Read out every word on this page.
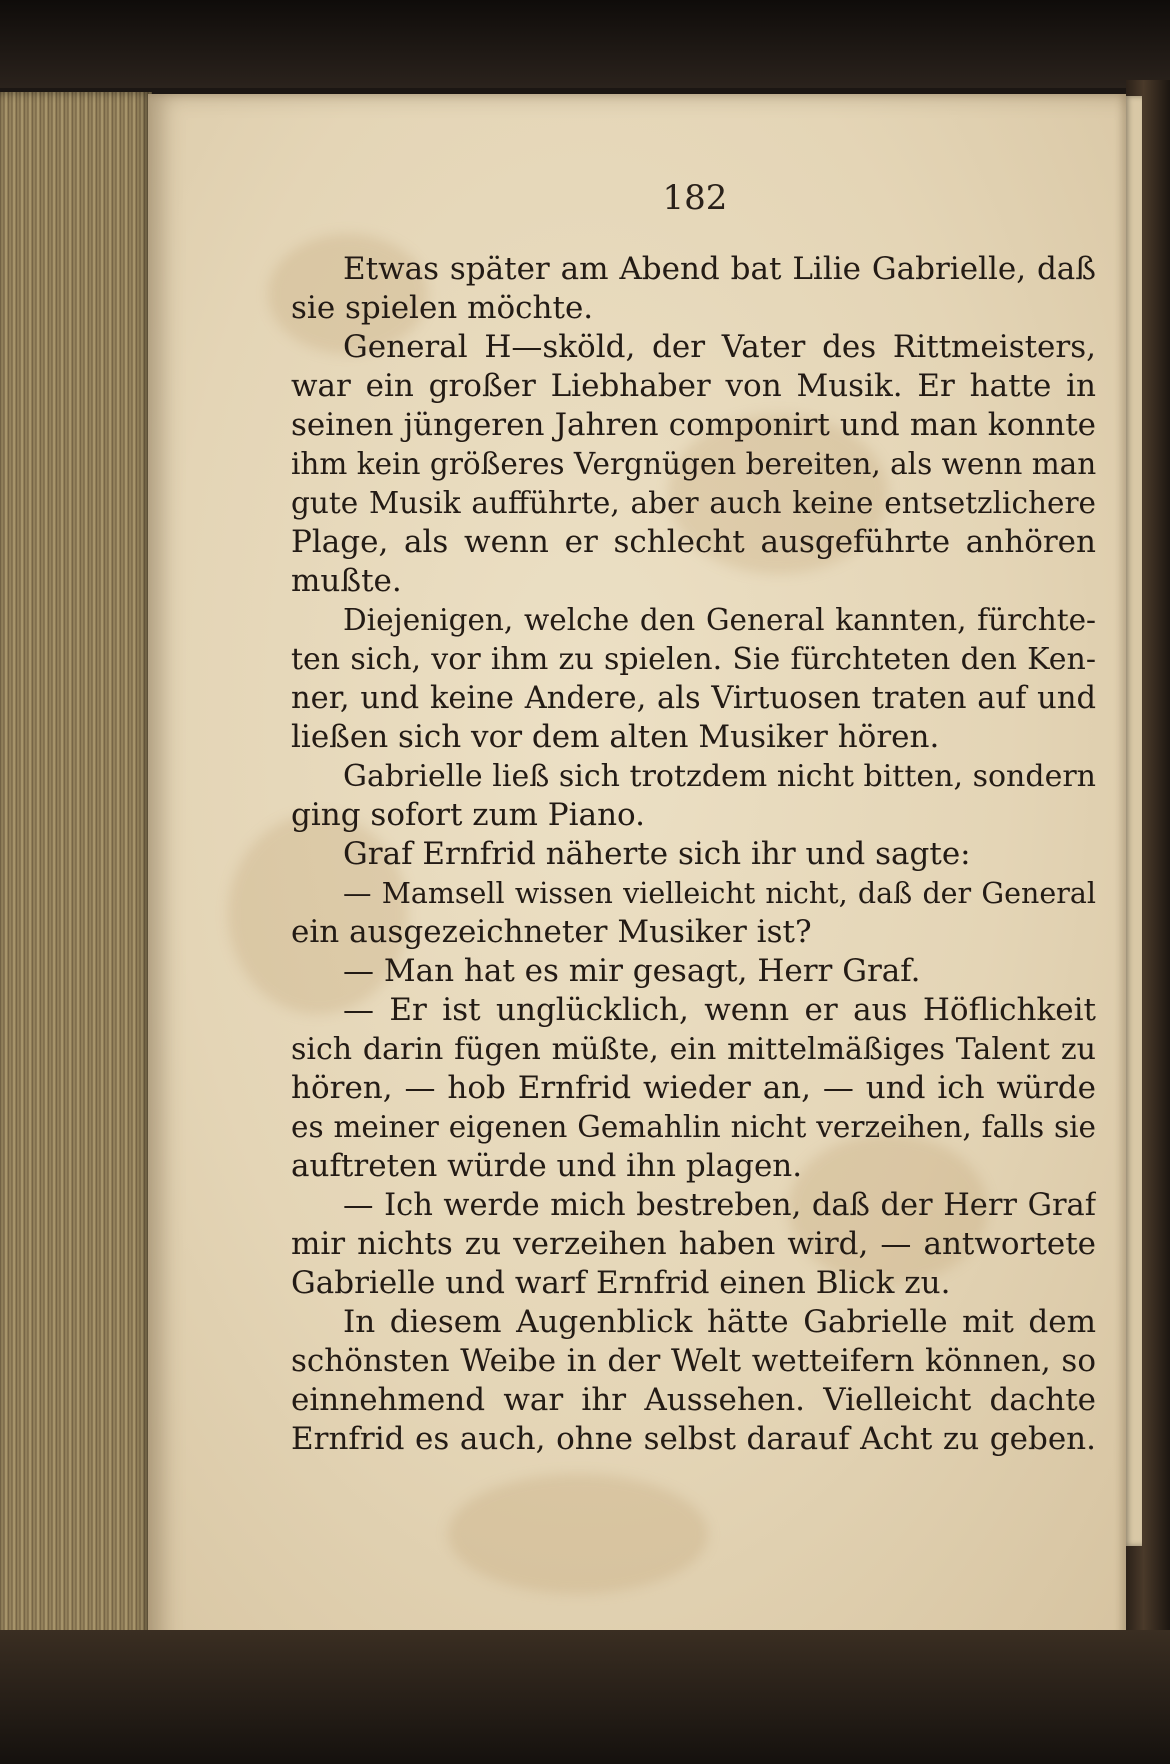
182
Etwas später am Abend bat Lilie Gabrielle, daß
sie spielen möchte.
General H—sköld, der Vater des Rittmeisters,
war ein großer Liebhaber von Musik. Er hatte in
seinen jüngeren Jahren componirt und man konnte
ihm kein größeres Vergnügen bereiten, als wenn man
gute Musik aufführte, aber auch keine entsetzlichere
Plage, als wenn er schlecht ausgeführte anhören
mußte.
Diejenigen, welche den General kannten, fürchte-
ten sich, vor ihm zu spielen. Sie fürchteten den Ken-
ner, und keine Andere, als Virtuosen traten auf und
ließen sich vor dem alten Musiker hören.
Gabrielle ließ sich trotzdem nicht bitten, sondern
ging sofort zum Piano.
Graf Ernfrid näherte sich ihr und sagte:
— Mamsell wissen vielleicht nicht, daß der General
ein ausgezeichneter Musiker ist?
— Man hat es mir gesagt, Herr Graf.
— Er ist unglücklich, wenn er aus Höflichkeit
sich darin fügen müßte, ein mittelmäßiges Talent zu
hören, — hob Ernfrid wieder an, — und ich würde
es meiner eigenen Gemahlin nicht verzeihen, falls sie
auftreten würde und ihn plagen.
— Ich werde mich bestreben, daß der Herr Graf
mir nichts zu verzeihen haben wird, — antwortete
Gabrielle und warf Ernfrid einen Blick zu.
In diesem Augenblick hätte Gabrielle mit dem
schönsten Weibe in der Welt wetteifern können, so
einnehmend war ihr Aussehen. Vielleicht dachte
Ernfrid es auch, ohne selbst darauf Acht zu geben.
